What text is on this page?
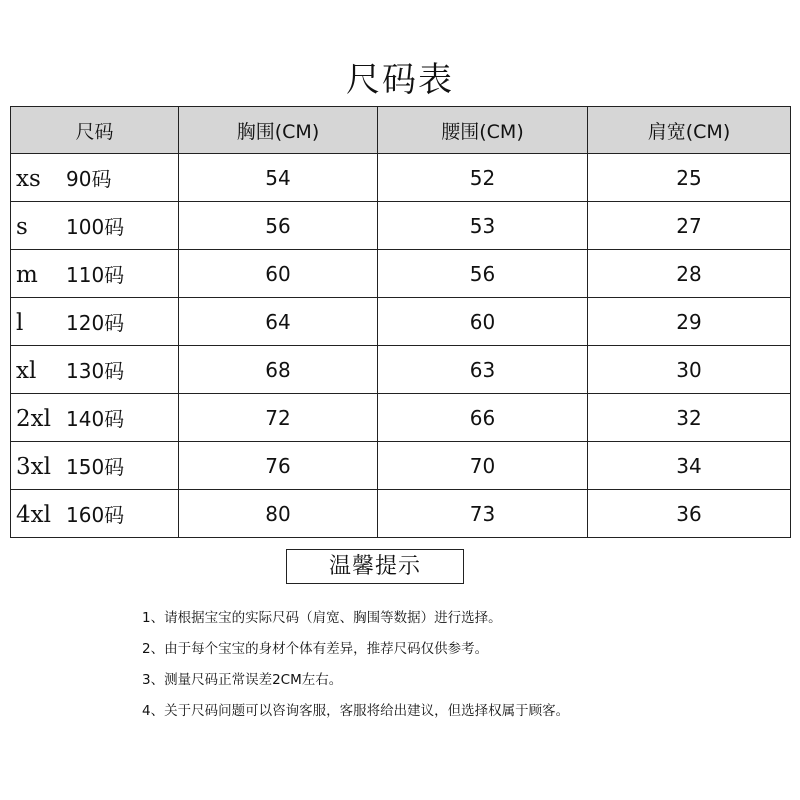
尺码表
尺码	胸围(CM)	腰围(CM)	肩宽(CM)
xs 90码	54	52	25
s 100码	56	53	27
m 110码	60	56	28
l 120码	64	60	29
xl 130码	68	63	30
2xl 140码	72	66	32
3xl 150码	76	70	34
4xl 160码	80	73	36
温馨提示
1、请根据宝宝的实际尺码（肩宽、胸围等数据）进行选择。
2、由于每个宝宝的身材个体有差异，推荐尺码仅供参考。
3、测量尺码正常误差2CM左右。
4、关于尺码问题可以咨询客服，客服将给出建议，但选择权属于顾客。
